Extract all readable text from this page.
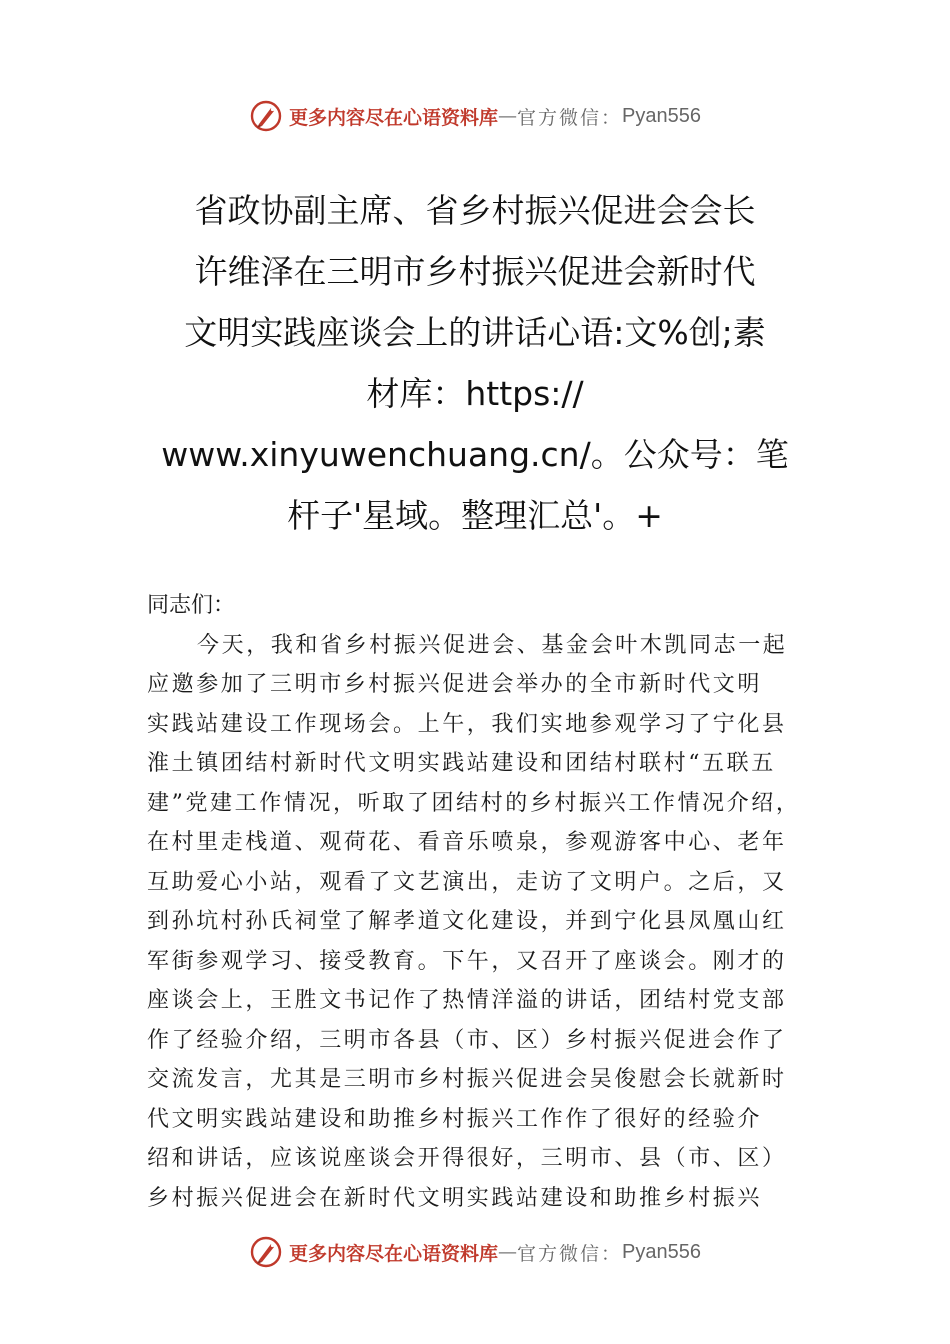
更多内容尽在心语资料库 — 官方微信： Pyan556
省政协副主席、省乡村振兴促进会会长
许维泽在三明市乡村振兴促进会新时代
文明实践座谈会上的讲话心语:文%创;素
材库：https://
www.xinyuwenchuang.cn/。公众号：笔
杆子'星域。整理汇总'。+
同志们：
今天，我和省乡村振兴促进会、基金会叶木凯同志一起
应邀参加了三明市乡村振兴促进会举办的全市新时代文明
实践站建设工作现场会。上午，我们实地参观学习了宁化县
淮土镇团结村新时代文明实践站建设和团结村联村“五联五
建”党建工作情况，听取了团结村的乡村振兴工作情况介绍，
在村里走栈道、观荷花、看音乐喷泉，参观游客中心、老年
互助爱心小站，观看了文艺演出，走访了文明户。之后，又
到孙坑村孙氏祠堂了解孝道文化建设，并到宁化县凤凰山红
军街参观学习、接受教育。下午，又召开了座谈会。刚才的
座谈会上，王胜文书记作了热情洋溢的讲话，团结村党支部
作了经验介绍，三明市各县（市、区）乡村振兴促进会作了
交流发言，尤其是三明市乡村振兴促进会吴俊慰会长就新时
代文明实践站建设和助推乡村振兴工作作了很好的经验介
绍和讲话，应该说座谈会开得很好，三明市、县（市、区）
乡村振兴促进会在新时代文明实践站建设和助推乡村振兴
更多内容尽在心语资料库 — 官方微信： Pyan556
